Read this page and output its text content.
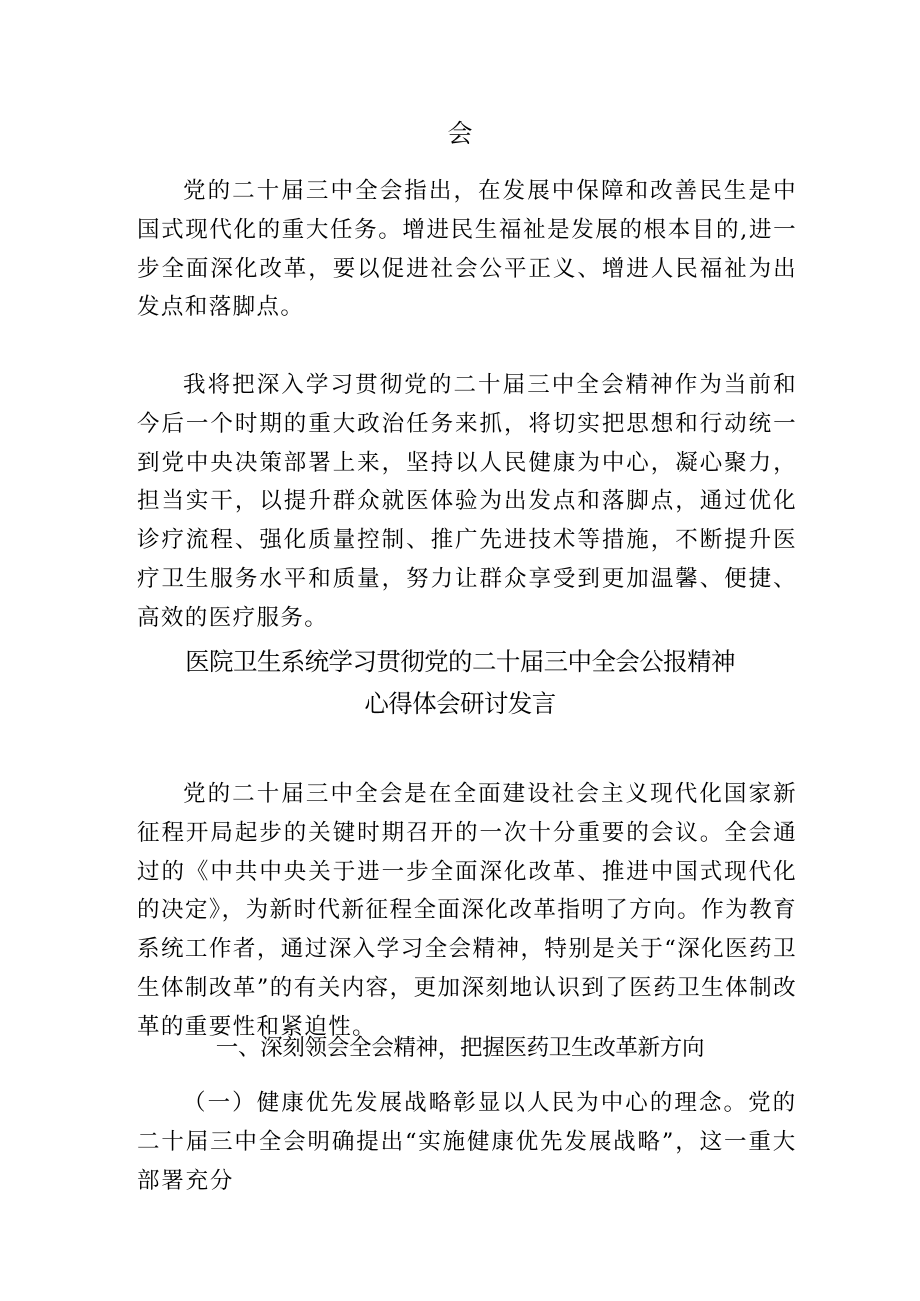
会

党的二十届三中全会指出，在发展中保障和改善民生是中国式现代化的重大任务。增进民生福祉是发展的根本目的,进一步全面深化改革，要以促进社会公平正义、增进人民福祉为出发点和落脚点。

我将把深入学习贯彻党的二十届三中全会精神作为当前和今后一个时期的重大政治任务来抓，将切实把思想和行动统一到党中央决策部署上来，坚持以人民健康为中心，凝心聚力，担当实干，以提升群众就医体验为出发点和落脚点，通过优化诊疗流程、强化质量控制、推广先进技术等措施，不断提升医疗卫生服务水平和质量，努力让群众享受到更加温馨、便捷、高效的医疗服务。

医院卫生系统学习贯彻党的二十届三中全会公报精神
心得体会研讨发言

党的二十届三中全会是在全面建设社会主义现代化国家新征程开局起步的关键时期召开的一次十分重要的会议。全会通过的《中共中央关于进一步全面深化改革、推进中国式现代化的决定》，为新时代新征程全面深化改革指明了方向。作为教育系统工作者，通过深入学习全会精神，特别是关于“深化医药卫生体制改革”的有关内容，更加深刻地认识到了医药卫生体制改革的重要性和紧迫性。

一、深刻领会全会精神，把握医药卫生改革新方向

（一）健康优先发展战略彰显以人民为中心的理念。党的二十届三中全会明确提出“实施健康优先发展战略”，这一重大部署充分
